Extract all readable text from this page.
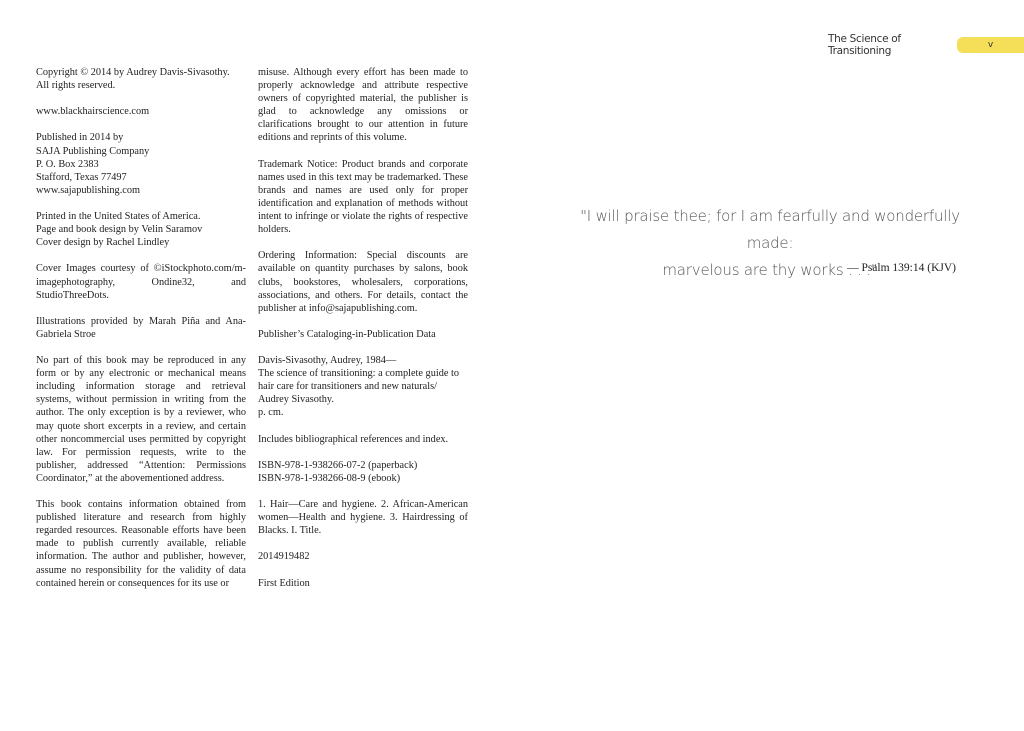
The Science of Transitioning	v

Copyright © 2014 by Audrey Davis-Sivasothy.
All rights reserved.

www.blackhairscience.com

Published in 2014 by
SAJA Publishing Company
P. O. Box 2383
Stafford, Texas 77497
www.sajapublishing.com

Printed in the United States of America.
Page and book design by Velin Saramov
Cover design by Rachel Lindley

Cover Images courtesy of ©iStockphoto.com/m-imagephotography, Ondine32, and StudioThreeDots.

Illustrations provided by Marah Piña and Ana-Gabriela Stroe

No part of this book may be reproduced in any form or by any electronic or mechanical means including information storage and retrieval systems, without permission in writing from the author. The only exception is by a reviewer, who may quote short excerpts in a review, and certain other noncommercial uses permitted by copyright law. For permission requests, write to the publisher, addressed “Attention: Permissions Coordinator,” at the abovementioned address.

This book contains information obtained from published literature and research from highly regarded resources. Reasonable efforts have been made to publish currently available, reliable information. The author and publisher, however, assume no responsibility for the validity of data contained herein or consequences for its use or

misuse. Although every effort has been made to properly acknowledge and attribute respective owners of copyrighted material, the publisher is glad to acknowledge any omissions or clarifications brought to our attention in future editions and reprints of this volume.

Trademark Notice: Product brands and corporate names used in this text may be trademarked. These brands and names are used only for proper identification and explanation of methods without intent to infringe or violate the rights of respective holders.

Ordering Information: Special discounts are available on quantity purchases by salons, book clubs, bookstores, wholesalers, corporations, associations, and others. For details, contact the publisher at info@sajapublishing.com.

Publisher’s Cataloging-in-Publication Data

Davis-Sivasothy, Audrey, 1984—
The science of transitioning: a complete guide to hair care for transitioners and new naturals/ Audrey Sivasothy.
p. cm.

Includes bibliographical references and index.

ISBN-978-1-938266-07-2 (paperback)
ISBN-978-1-938266-08-9 (ebook)

1. Hair—Care and hygiene. 2. African-American women—Health and hygiene. 3. Hairdressing of Blacks. I. Title.

2014919482

First Edition

"I will praise thee; for I am fearfully and wonderfully made:
marvelous are thy works . . ."
— Psalm 139:14 (KJV)
